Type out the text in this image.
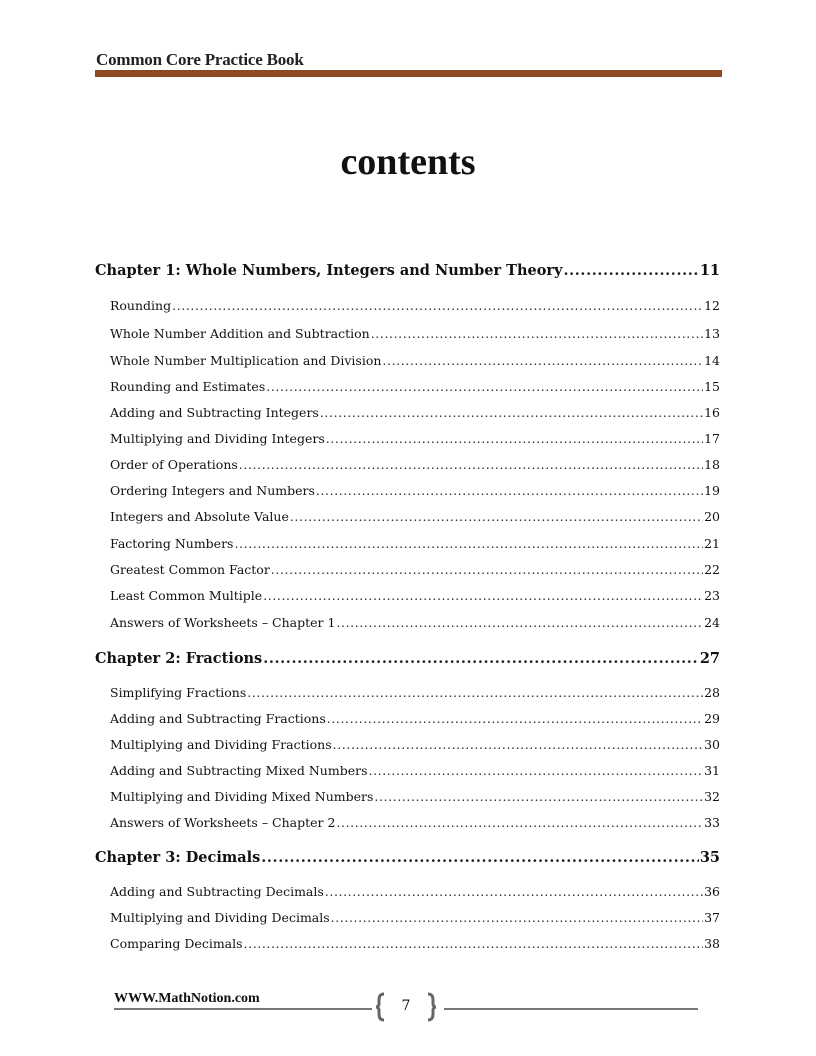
Common Core Practice Book
contents
Chapter 1: Whole Numbers, Integers and Number Theory .....	11
Rounding .....	12
Whole Number Addition and Subtraction .....	13
Whole Number Multiplication and Division .....	14
Rounding and Estimates .....	15
Adding and Subtracting Integers .....	16
Multiplying and Dividing Integers .....	17
Order of Operations .....	18
Ordering Integers and Numbers .....	19
Integers and Absolute Value .....	20
Factoring Numbers .....	21
Greatest Common Factor .....	22
Least Common Multiple .....	23
Answers of Worksheets – Chapter 1 .....	24
Chapter 2: Fractions .....	27
Simplifying Fractions .....	28
Adding and Subtracting Fractions .....	29
Multiplying and Dividing Fractions .....	30
Adding and Subtracting Mixed Numbers .....	31
Multiplying and Dividing Mixed Numbers .....	32
Answers of Worksheets – Chapter 2 .....	33
Chapter 3: Decimals .....	35
Adding and Subtracting Decimals .....	36
Multiplying and Dividing Decimals .....	37
Comparing Decimals .....	38
WWW.MathNotion.com	7
